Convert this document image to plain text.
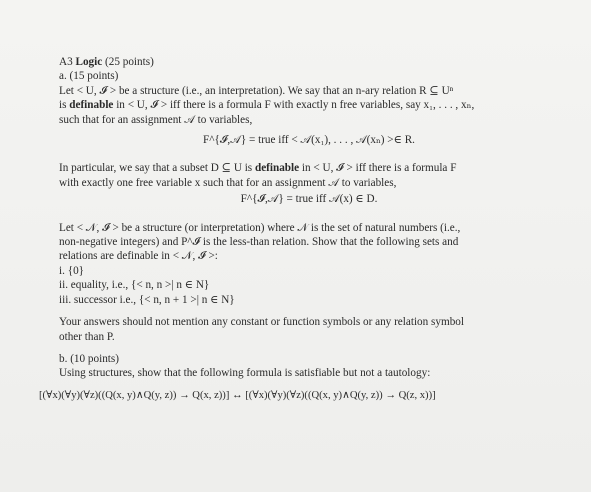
A3 Logic (25 points)

a. (15 points)

Let < U, 𝓘 > be a structure (i.e., an interpretation). We say that an n-ary relation R ⊆ Uⁿ

is definable in < U, 𝓘 > iff there is a formula F with exactly n free variables, say x₁, . . . , xₙ,

such that for an assignment 𝒜 to variables,

F^{𝓘,𝒜} = true iff < 𝒜(x₁), . . . , 𝒜(xₙ) >∈ R.

In particular, we say that a subset D ⊆ U is definable in < U, 𝓘 > iff there is a formula F

with exactly one free variable x such that for an assignment 𝒜 to variables,

F^{𝓘,𝒜} = true iff 𝒜(x) ∈ D.

Let < 𝒩, 𝓘 > be a structure (or interpretation) where 𝒩 is the set of natural numbers (i.e.,

non-negative integers) and P^𝓘 is the less-than relation. Show that the following sets and

relations are definable in < 𝒩, 𝓘 >:

i. {0}

ii. equality, i.e., {< n, n >| n ∈ N}

iii. successor i.e., {< n, n + 1 >| n ∈ N}

Your answers should not mention any constant or function symbols or any relation symbol

other than P.

b. (10 points)

Using structures, show that the following formula is satisfiable but not a tautology:

[(∀x)(∀y)(∀z)((Q(x, y)∧Q(y, z)) → Q(x, z))] ↔ [(∀x)(∀y)(∀z)((Q(x, y)∧Q(y, z)) → Q(z, x))]
